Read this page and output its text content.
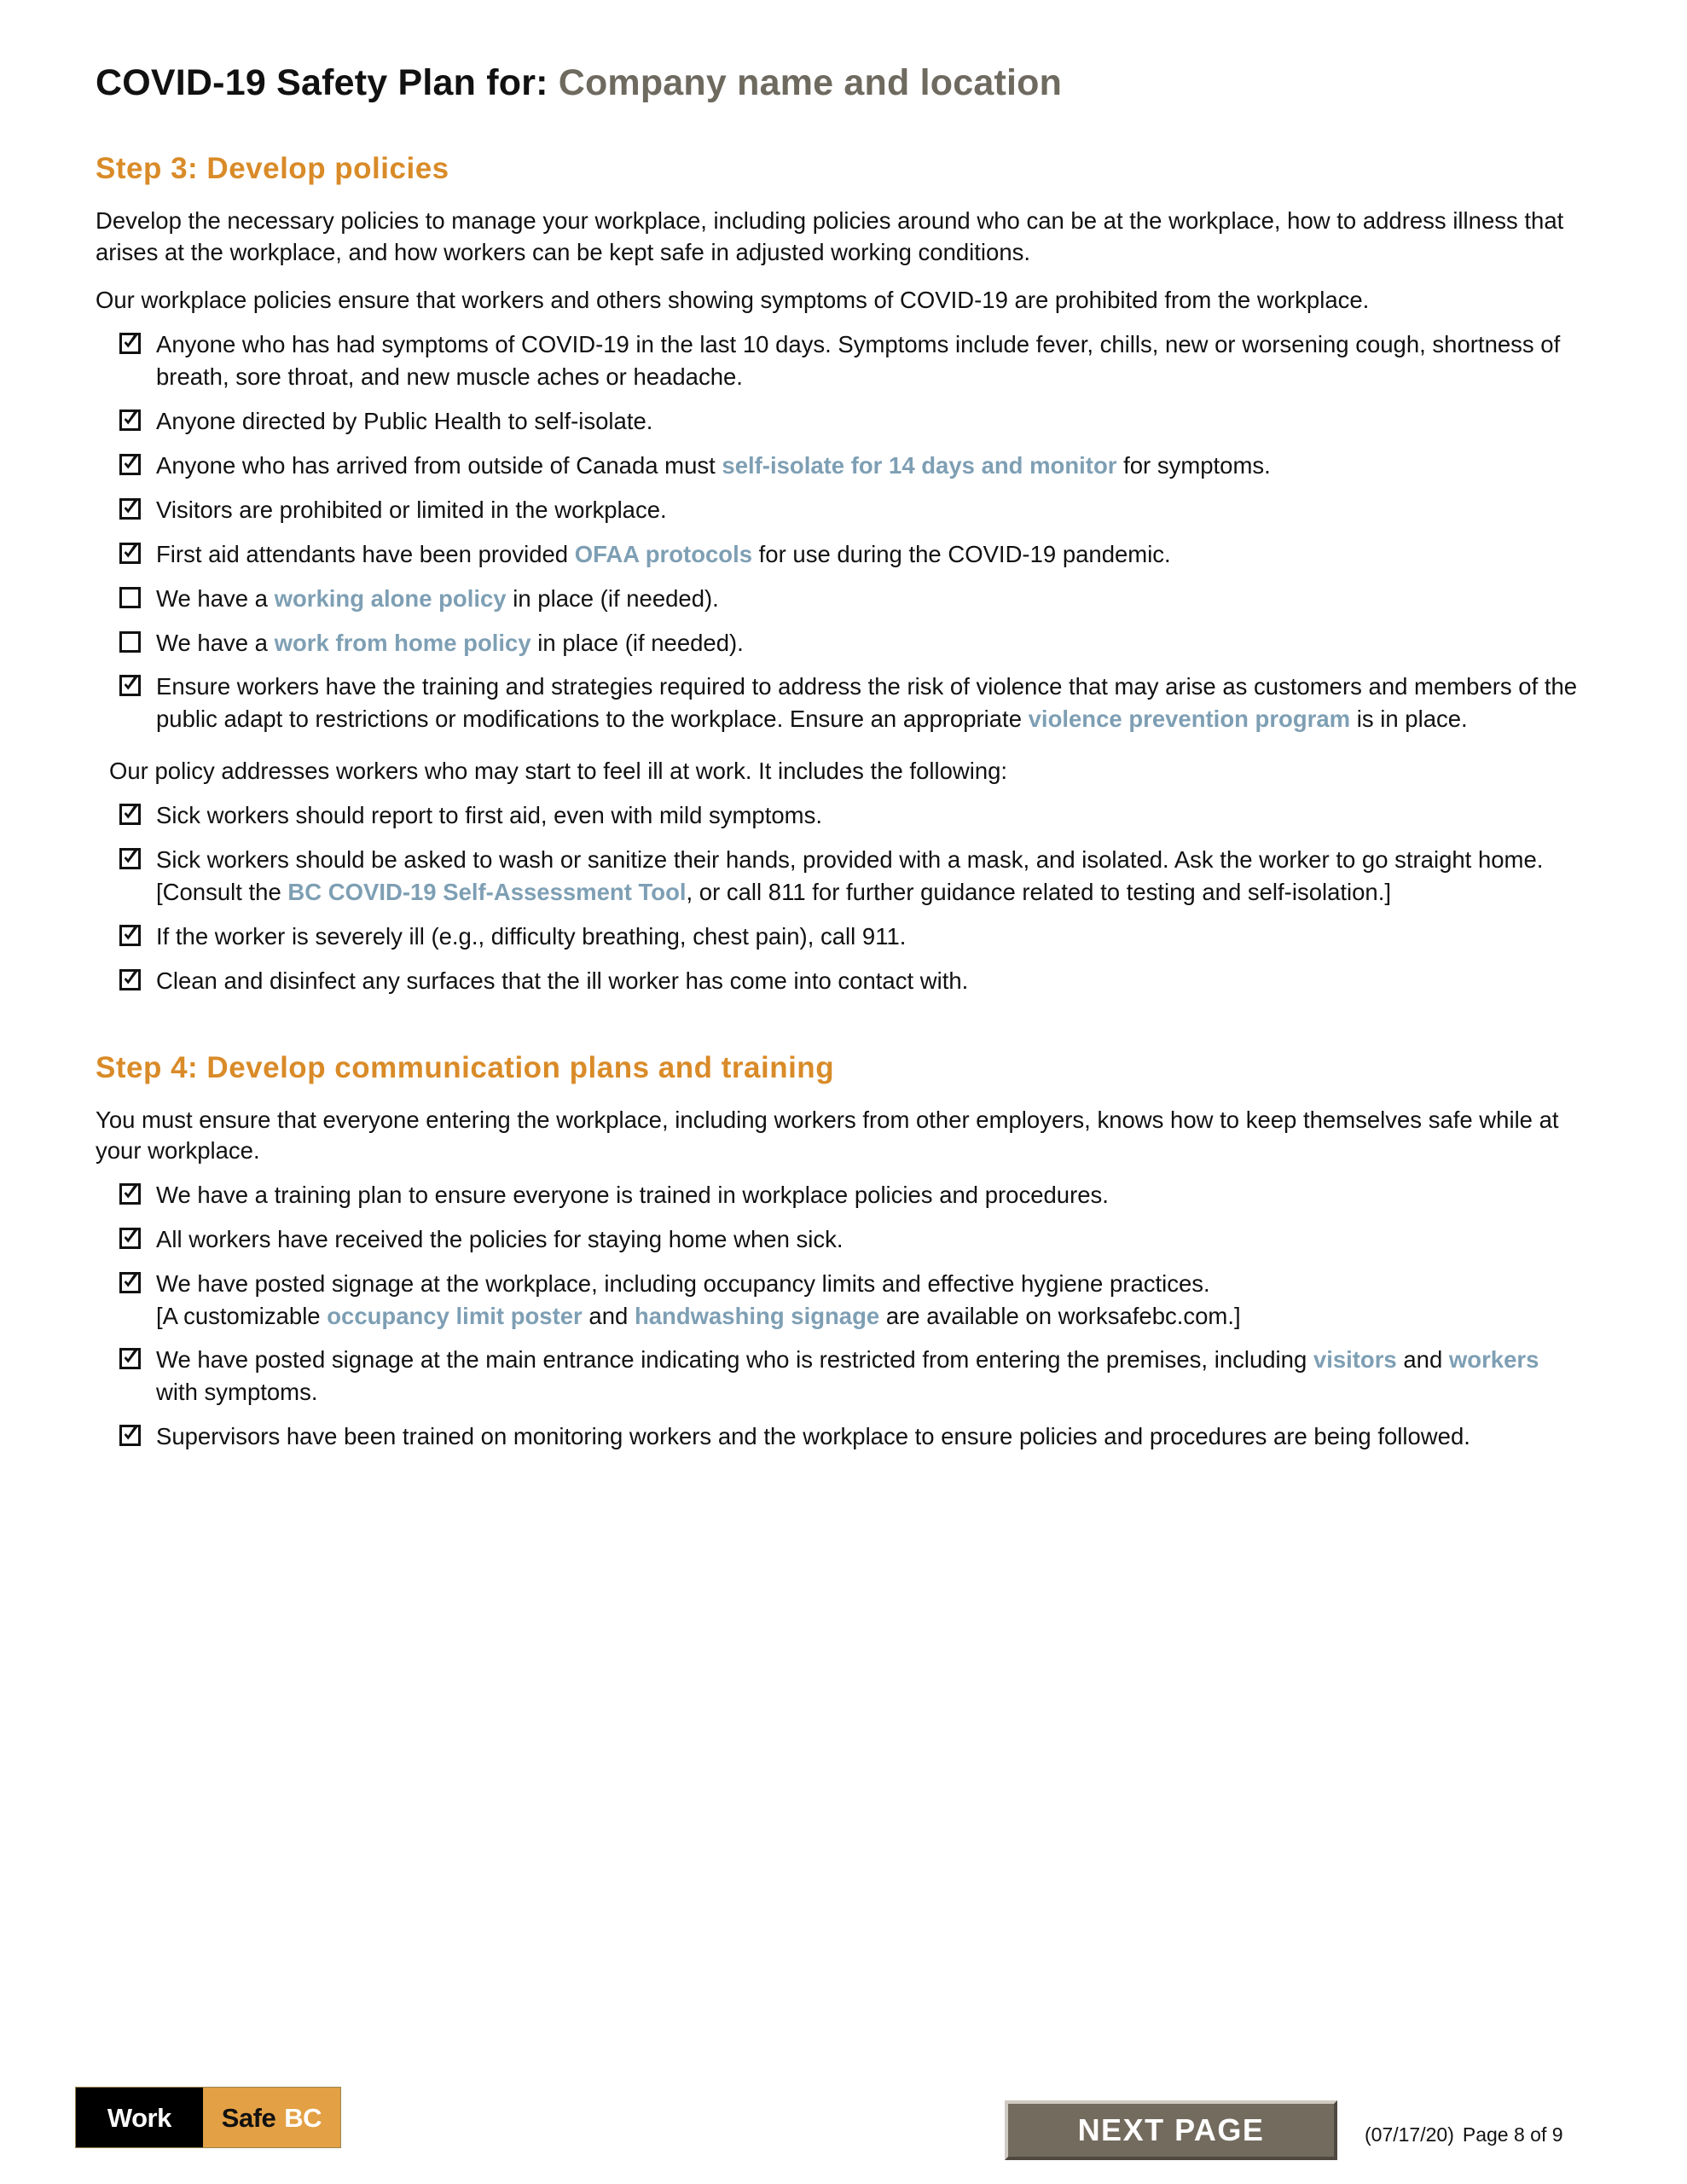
COVID-19 Safety Plan for: Company name and location
Step 3: Develop policies

Develop the necessary policies to manage your workplace, including policies around who can be at the workplace, how to address illness that arises at the workplace, and how workers can be kept safe in adjusted working conditions.

Our workplace policies ensure that workers and others showing symptoms of COVID-19 are prohibited from the workplace.

Anyone who has had symptoms of COVID-19 in the last 10 days. Symptoms include fever, chills, new or worsening cough, shortness of breath, sore throat, and new muscle aches or headache.
Anyone directed by Public Health to self-isolate.
Anyone who has arrived from outside of Canada must self-isolate for 14 days and monitor for symptoms.
Visitors are prohibited or limited in the workplace.
First aid attendants have been provided OFAA protocols for use during the COVID-19 pandemic.
We have a working alone policy in place (if needed).
We have a work from home policy in place (if needed).
Ensure workers have the training and strategies required to address the risk of violence that may arise as customers and members of the public adapt to restrictions or modifications to the workplace. Ensure an appropriate violence prevention program is in place.

Our policy addresses workers who may start to feel ill at work. It includes the following:

Sick workers should report to first aid, even with mild symptoms.
Sick workers should be asked to wash or sanitize their hands, provided with a mask, and isolated. Ask the worker to go straight home. [Consult the BC COVID-19 Self-Assessment Tool, or call 811 for further guidance related to testing and self-isolation.]
If the worker is severely ill (e.g., difficulty breathing, chest pain), call 911.
Clean and disinfect any surfaces that the ill worker has come into contact with.
Step 4: Develop communication plans and training

You must ensure that everyone entering the workplace, including workers from other employers, knows how to keep themselves safe while at your workplace.

We have a training plan to ensure everyone is trained in workplace policies and procedures.
All workers have received the policies for staying home when sick.
We have posted signage at the workplace, including occupancy limits and effective hygiene practices.
[A customizable occupancy limit poster and handwashing signage are available on worksafebc.com.]
We have posted signage at the main entrance indicating who is restricted from entering the premises, including visitors and workers with symptoms.
Supervisors have been trained on monitoring workers and the workplace to ensure policies and procedures are being followed.
Work Safe BC	NEXT PAGE	(07/17/20) Page 8 of 9
